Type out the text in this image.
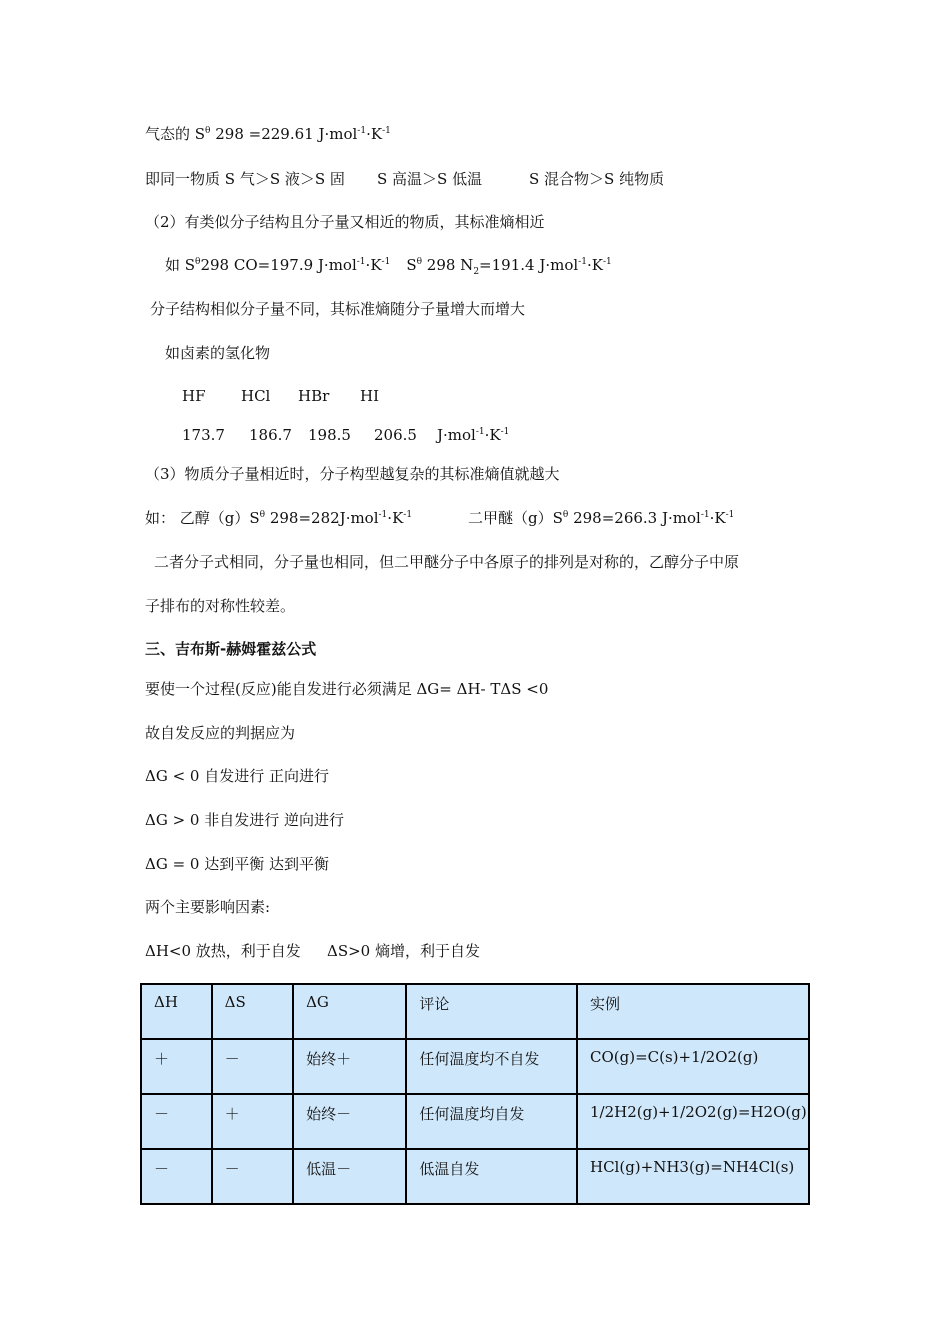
气态的 $S^\theta$ 298 =229.61 $J\cdot mol^{-1}\cdot K^{-1}$
即同一物质 S 气＞S 液＞S 固 S 高温＞S 低温	S 混合物＞S 纯物质
（2）有类似分子结构且分子量又相近的物质，其标准熵相近
如 $S^\theta 298$ CO=197.9 $J\cdot mol^{-1}\cdot K^{-1}$ $S^\theta$ 298 $N_2=191.4$ $J\cdot mol^{-1}\cdot K^{-1}$
分子结构相似分子量不同，其标准熵随分子量增大而增大
如卤素的氢化物
HF HCl HBr HI
173.7 186.7 198.5 206.5 $J\cdot mol^{-1}\cdot K^{-1}$
（3）物质分子量相近时，分子构型越复杂的其标准熵值就越大
如： 乙醇$(g)S^\theta$ $298=282J\cdot mol^{-1}\cdot K^{-1}$	二甲醚$(g)S^\theta$ 298=266.3 $J\cdot mol^{-1}\cdot K^{-1}$
二者分子式相同，分子量也相同，但二甲醚分子中各原子的排列是对称的，乙醇分子中原
子排布的对称性较差。
三、吉布斯-赫姆霍兹公式
要使一个过程(反应)能自发进行必须满足 ΔG= ΔH- TΔS <0
故自发反应的判据应为
ΔG < 0 自发进行 正向进行
ΔG > 0 非自发进行 逆向进行
ΔG = 0 达到平衡 达到平衡
两个主要影响因素:
ΔH<0 放热，利于自发 ΔS>0 熵增，利于自发
ΔH	ΔS	ΔG	评论	实例
＋	－	始终＋	任何温度均不自发	CO(g)=C(s)+1/2O2(g)
－	＋	始终－	任何温度均自发	1/2H2(g)+1/2O2(g)=H2O(g)
－	－	低温－	低温自发	HCl(g)+NH3(g)=NH4Cl(s)
